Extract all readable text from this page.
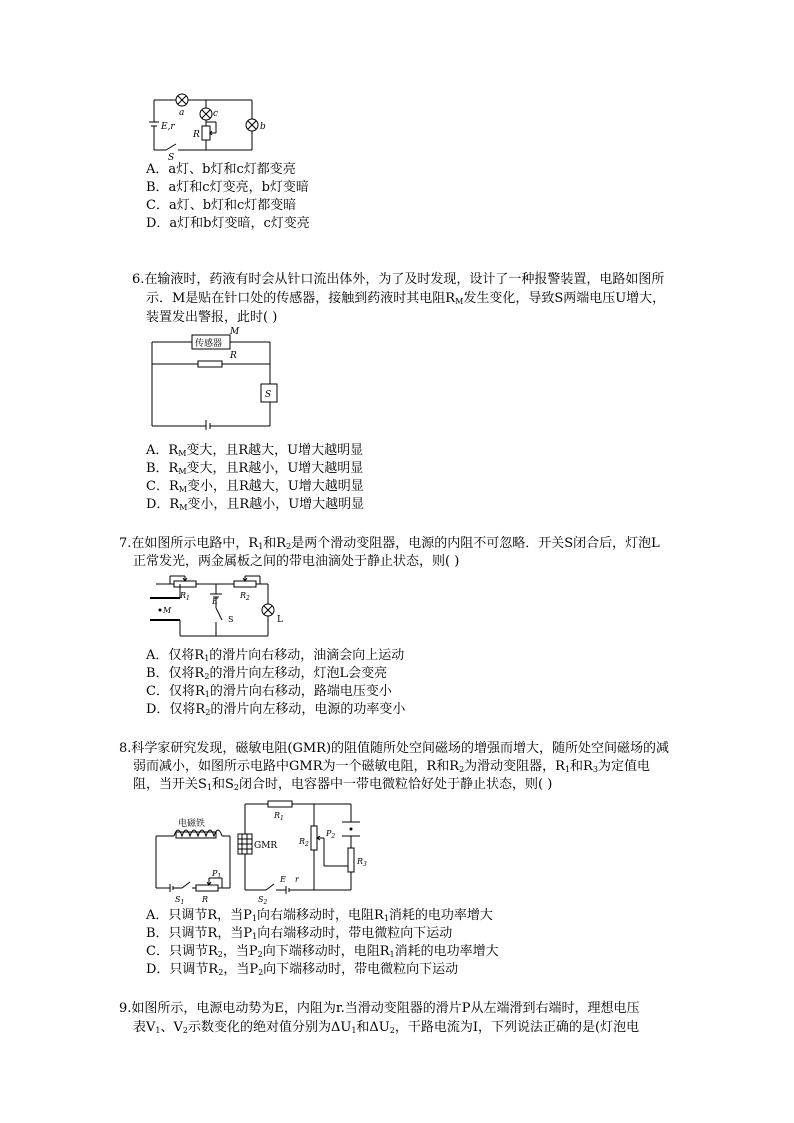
a	c
b
E,r
R
S
A．a灯、b灯和c灯都变亮
B．a灯和c灯变亮，b灯变暗
C．a灯、b灯和c灯都变暗
D．a灯和b灯变暗，c灯变亮
6.在输液时，药液有时会从针口流出体外，为了及时发现，设计了一种报警装置，电路如图所
示．M是贴在针口处的传感器，接触到药液时其电阻$R_M$发生变化，导致S两端电压U增大，
装置发出警报，此时( )
传感器
M
R
S
A．$R_M$变大，且R越大，U增大越明显
B．$R_M$变大，且R越小，U增大越明显
C．$R_M$变小，且R越大，U增大越明显
D．$R_M$变小，且R越小，U增大越明显
7.在如图所示电路中，$R_1$和$R_2$是两个滑动变阻器，电源的内阻不可忽略．开关S闭合后，灯泡L
正常发光，两金属板之间的带电油滴处于静止状态，则( )
M
$R_1$	$R_2$
E
S	L
A．仅将$R_1$的滑片向右移动，油滴会向上运动
B．仅将$R_2$的滑片向左移动，灯泡L会变亮
C．仅将$R_1$的滑片向右移动，路端电压变小
D．仅将$R_2$的滑片向左移动，电源的功率变小
8.科学家研究发现，磁敏电阻(GMR)的阻值随所处空间磁场的增强而增大，随所处空间磁场的减
弱而减小，如图所示电路中GMR为一个磁敏电阻，R和$R_2$为滑动变阻器，$R_1$和$R_3$为定值电
阻，当开关$S_1$和$S_2$闭合时，电容器中一带电微粒恰好处于静止状态，则( )
电磁铁
GMR
$R_1$
$R_2$
$P_2$
$R_3$
$P_1$
R
$S_1$	$S_2$
E r
A．只调节R，当$P_1$向右端移动时，电阻$R_1$消耗的电功率增大
B．只调节R，当$P_1$向右端移动时，带电微粒向下运动
C．只调节$R_2$，当$P_2$向下端移动时，电阻$R_1$消耗的电功率增大
D．只调节$R_2$，当$P_2$向下端移动时，带电微粒向下运动
9.如图所示，电源电动势为E，内阻为r.当滑动变阻器的滑片P从左端滑到右端时，理想电压
表$V_1$、$V_2$示数变化的绝对值分别为$\Delta U_1$和$\Delta U_2$，干路电流为I，下列说法正确的是(灯泡电
